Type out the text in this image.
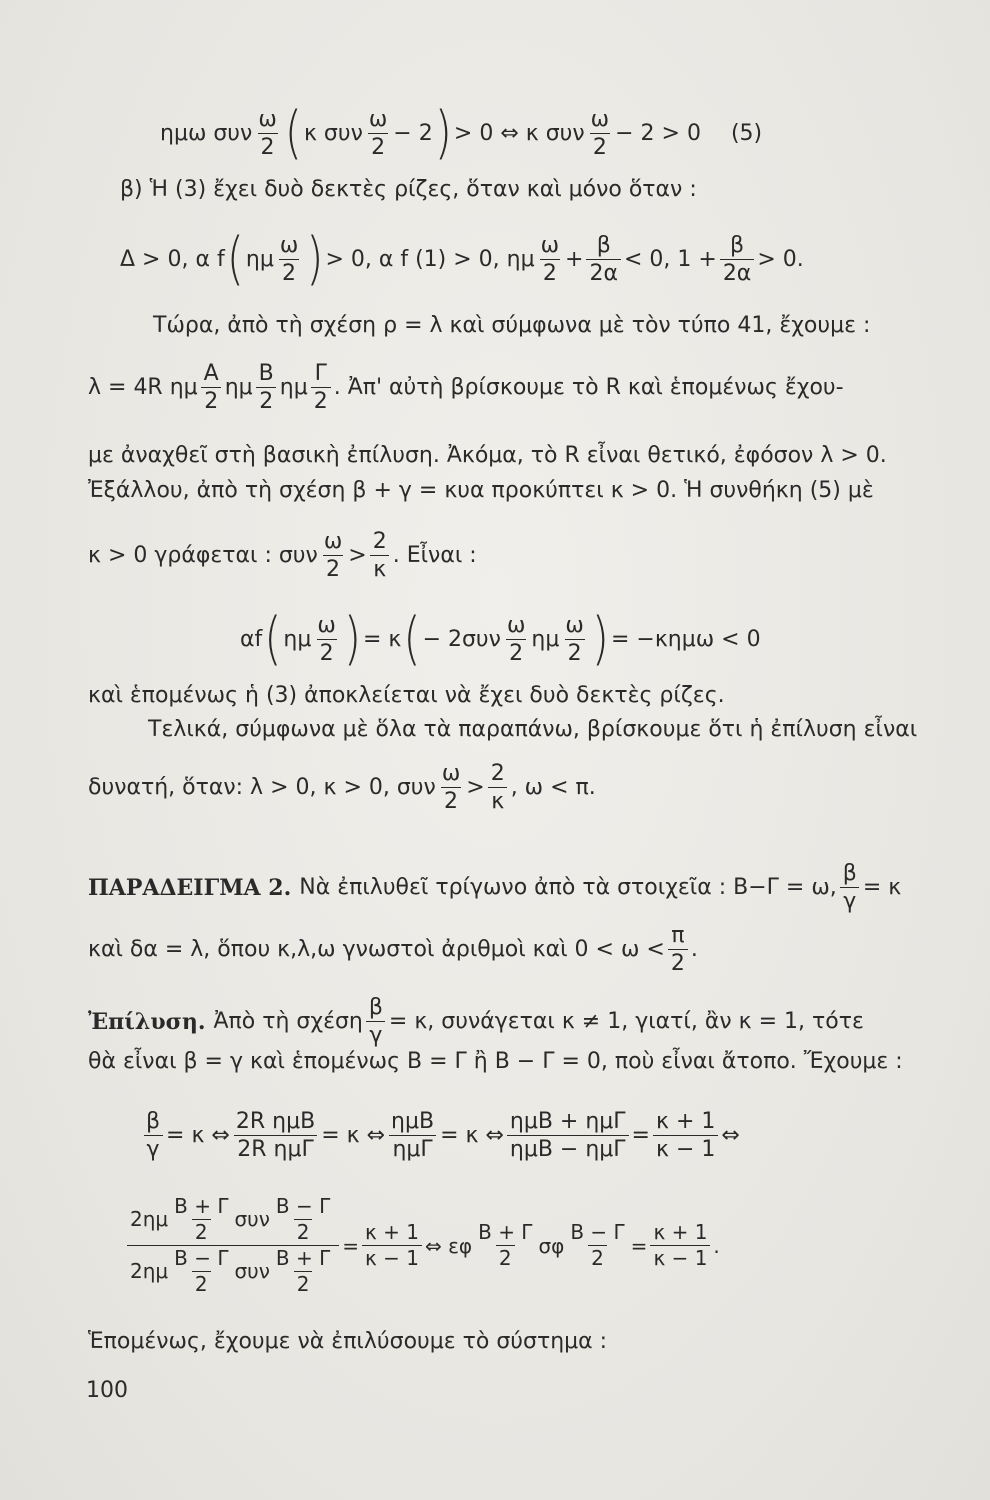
ημω συν $\frac{\omega}{2}$ ( κ συν $\frac{\omega}{2} - 2$ ) > 0 ⇔ κ συν $\frac{\omega}{2} - 2 > 0$ (5)
β) Ἡ (3) ἔχει δυὸ δεκτὲς ρίζες, ὅταν καὶ μόνο ὅταν :
Δ > 0, α f ( ημ $\frac{\omega}{2}$ ) > 0, α f (1) > 0, ημ $\frac{\omega}{2} + \frac{\beta}{2\alpha} < 0$, $1 + \frac{\beta}{2\alpha} > 0$.
Τώρα, ἀπὸ τὴ σχέση ρ = λ καὶ σύμφωνα μὲ τὸν τύπο 41, ἔχουμε :
λ = 4R ημ $\frac{A}{2}$ ημ $\frac{B}{2}$ ημ $\frac{\Gamma}{2}$ . Ἀπ' αὐτὴ βρίσκουμε τὸ R καὶ ἑπομένως ἔχου-
με ἀναχθεῖ στὴ βασικὴ ἐπίλυση. Ἀκόμα, τὸ R εἶναι θετικό, ἐφόσον λ > 0.
Ἐξάλλου, ἀπὸ τὴ σχέση β + γ = κυα προκύπτει κ > 0. Ἡ συνθήκη (5) μὲ
κ > 0 γράφεται : συν $\frac{\omega}{2} > \frac{2}{\kappa}$ . Εἶναι :
αf ( ημ $\frac{\omega}{2}$ ) = κ ( − $2\sigma\upsilon\nu \frac{\omega}{2}$ ημ $\frac{\omega}{2}$ ) = −κημω < 0
καὶ ἑπομένως ἡ (3) ἀποκλείεται νὰ ἔχει δυὸ δεκτὲς ρίζες.
Τελικά, σύμφωνα μὲ ὅλα τὰ παραπάνω, βρίσκουμε ὅτι ἡ ἐπίλυση εἶναι
δυνατή, ὅταν: λ > 0, κ > 0, συν $\frac{\omega}{2} > \frac{2}{\kappa}$ , ω < π.
ΠΑΡΑΔΕΙΓΜΑ 2. Νὰ ἐπιλυθεῖ τρίγωνο ἀπὸ τὰ στοιχεῖα : B−Γ = ω, $\frac{\beta}{\gamma} = \kappa$
καὶ δα = λ, ὅπου κ,λ,ω γνωστοὶ ἀριθμοὶ καὶ $0 < \omega < \frac{\pi}{2}$ .
Ἐπίλυση. Ἀπὸ τὴ σχέση $\frac{\beta}{\gamma} = \kappa$, συνάγεται κ ≠ 1, γιατί, ἂν κ = 1, τότε
θὰ εἶναι β = γ καὶ ἑπομένως B = Γ ἢ B − Γ = 0, ποὺ εἶναι ἄτοπο. Ἔχουμε :
$\frac{\beta}{\gamma} = \kappa$ ⇔ $\frac{\text{2R ημB}}{\text{2R ημΓ}} = \kappa$ ⇔ $\frac{\text{ημB}}{\text{ημΓ}} = \kappa$ ⇔ $\frac{\text{ημB + ημΓ}}{\text{ημB − ημΓ}} = \frac{\kappa + 1}{\kappa - 1}$ ⇔
$\frac{2\eta\mu \frac{B + \Gamma}{2} \sigma\upsilon\nu \frac{B - \Gamma}{2}}{2\eta\mu \frac{B - \Gamma}{2} \sigma\upsilon\nu \frac{B + \Gamma}{2}} = \frac{\kappa + 1}{\kappa - 1}$ ⇔ εφ $\frac{B + \Gamma}{2}$ σφ $\frac{B - \Gamma}{2} = \frac{\kappa + 1}{\kappa - 1}$ .
Ἑπομένως, ἔχουμε νὰ ἐπιλύσουμε τὸ σύστημα :
100
